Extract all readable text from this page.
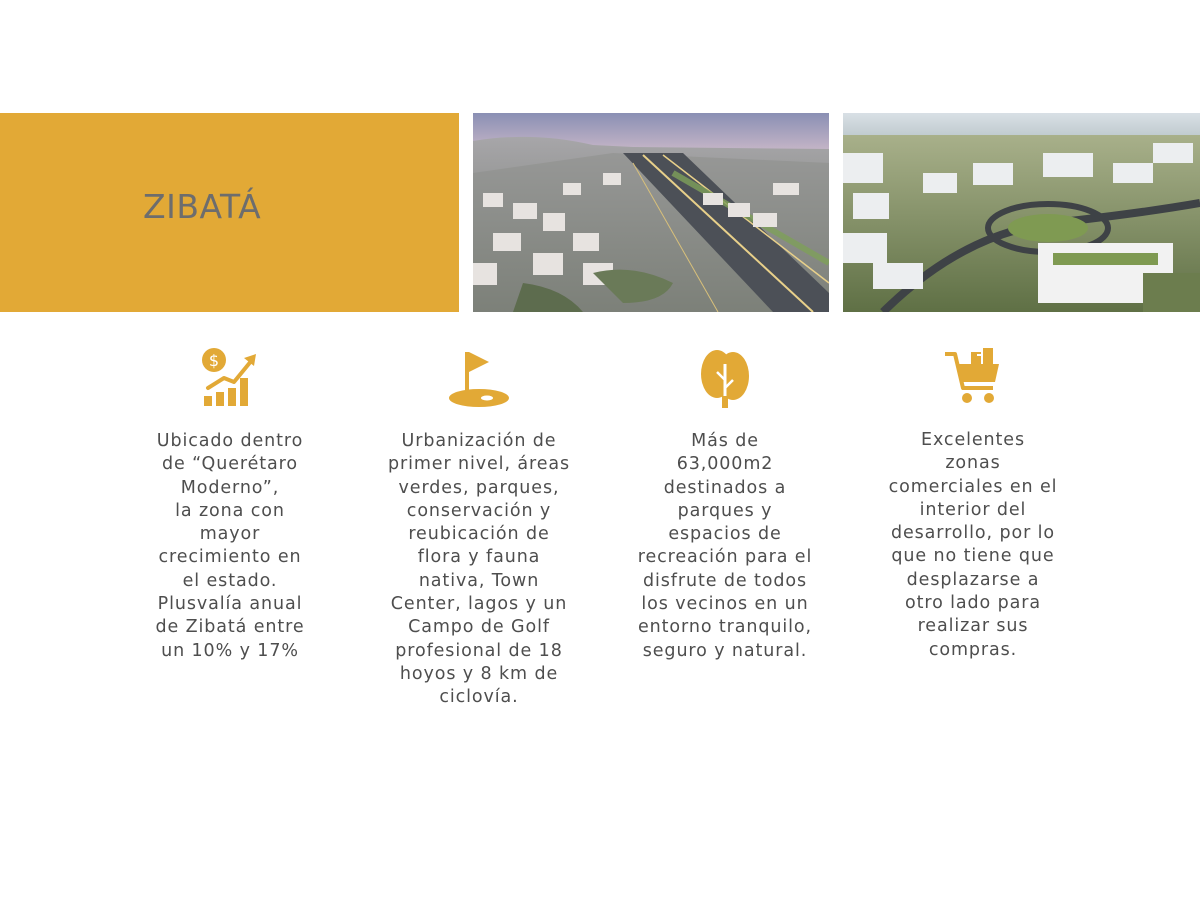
ZIBATÁ
$
Ubicado dentro
de “Querétaro
Moderno”,
la zona con
mayor
crecimiento en
el estado.
Plusvalía anual
de Zibatá entre
un 10% y 17%
Urbanización de
primer nivel, áreas
verdes, parques,
conservación y
reubicación de
flora y fauna
nativa, Town
Center, lagos y un
Campo de Golf
profesional de 18
hoyos y 8 km de
ciclovía.
Más de
63,000m2
destinados a
parques y
espacios de
recreación para el
disfrute de todos
los vecinos en un
entorno tranquilo,
seguro y natural.
Excelentes
zonas
comerciales en el
interior del
desarrollo, por lo
que no tiene que
desplazarse a
otro lado para
realizar sus
compras.
